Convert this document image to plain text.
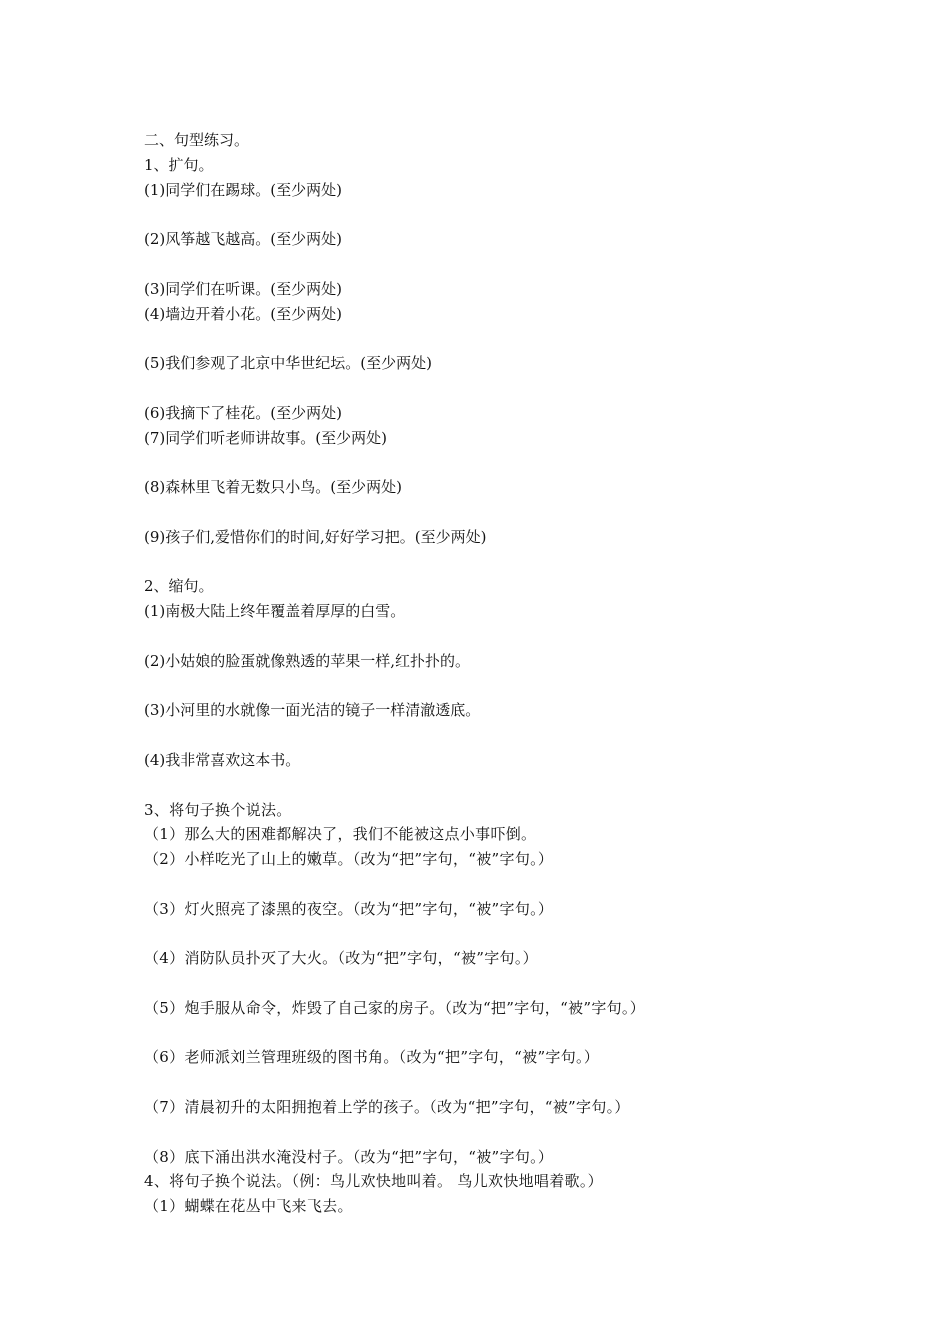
二、句型练习。
1、扩句。
(1)同学们在踢球。(至少两处)
(2)风筝越飞越高。(至少两处)
(3)同学们在听课。(至少两处)
(4)墙边开着小花。(至少两处)
(5)我们参观了北京中华世纪坛。(至少两处)
(6)我摘下了桂花。(至少两处)
(7)同学们听老师讲故事。(至少两处)
(8)森林里飞着无数只小鸟。(至少两处)
(9)孩子们,爱惜你们的时间,好好学习把。(至少两处)
2、缩句。
(1)南极大陆上终年覆盖着厚厚的白雪。
(2)小姑娘的脸蛋就像熟透的苹果一样,红扑扑的。
(3)小河里的水就像一面光洁的镜子一样清澈透底。
(4)我非常喜欢这本书。
3、将句子换个说法。
（1）那么大的困难都解决了，我们不能被这点小事吓倒。
（2）小样吃光了山上的嫩草。（改为“把”字句，“被”字句。）
（3）灯火照亮了漆黑的夜空。（改为“把”字句，“被”字句。）
（4）消防队员扑灭了大火。（改为“把”字句，“被”字句。）
（5）炮手服从命令，炸毁了自己家的房子。（改为“把”字句，“被”字句。）
（6）老师派刘兰管理班级的图书角。（改为“把”字句，“被”字句。）
（7）清晨初升的太阳拥抱着上学的孩子。（改为“把”字句，“被”字句。）
（8）底下涌出洪水淹没村子。（改为“把”字句，“被”字句。）
4、将句子换个说法。（例：鸟儿欢快地叫着。 鸟儿欢快地唱着歌。）
（1）蝴蝶在花丛中飞来飞去。
